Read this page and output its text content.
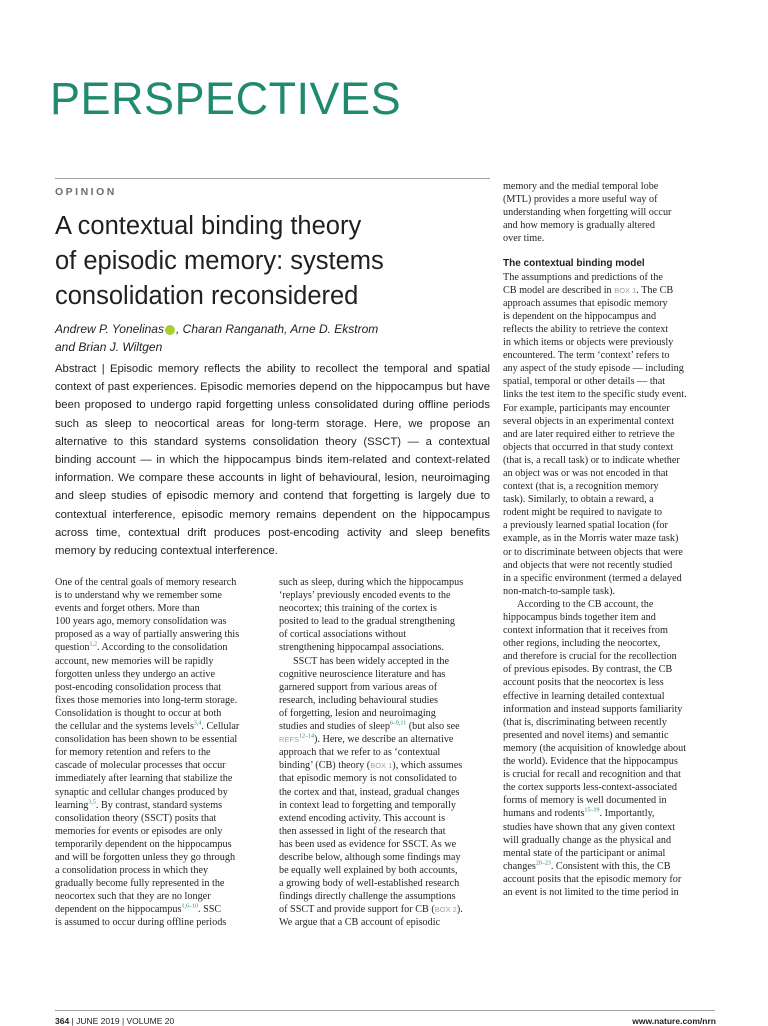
PERSPECTIVES
OPINION
A contextual binding theory
of episodic memory: systems
consolidation reconsidered
Andrew P. Yonelinas , Charan Ranganath, Arne D. Ekstrom
and Brian J. Wiltgen
Abstract | Episodic memory reflects the ability to recollect the temporal and spatial context of past experiences. Episodic memories depend on the hippocampus but have been proposed to undergo rapid forgetting unless consolidated during offline periods such as sleep to neocortical areas for long-term storage. Here, we propose an alternative to this standard systems consolidation theory (SSCT) — a contextual binding account — in which the hippocampus binds item-related and context-related information. We compare these accounts in light of behavioural, lesion, neuroimaging and sleep studies of episodic memory and contend that forgetting is largely due to contextual interference, episodic memory remains dependent on the hippocampus across time, contextual drift produces post-encoding activity and sleep benefits memory by reducing contextual interference.

One of the central goals of memory research

is to understand why we remember some

events and forget others. More than

100 years ago, memory consolidation was

proposed as a way of partially answering this

question$^{1,2}$. According to the consolidation

account, new memories will be rapidly

forgotten unless they undergo an active

post-encoding consolidation process that

fixes those memories into long-term storage.

Consolidation is thought to occur at both

the cellular and the systems levels$^{3,4}$. Cellular

consolidation has been shown to be essential

for memory retention and refers to the

cascade of molecular processes that occur

immediately after learning that stabilize the

synaptic and cellular changes produced by

learning$^{3,5}$. By contrast, standard systems

consolidation theory (SSCT) posits that

memories for events or episodes are only

temporarily dependent on the hippocampus

and will be forgotten unless they go through

a consolidation process in which they

gradually become fully represented in the

neocortex such that they are no longer

dependent on the hippocampus$^{1,6-10}$. SSC

is assumed to occur during offline periods

such as sleep, during which the hippocampus

‘replays’ previously encoded events to the

neocortex; this training of the cortex is

posited to lead to the gradual strengthening

of cortical associations without

strengthening hippocampal associations.

SSCT has been widely accepted in the

cognitive neuroscience literature and has

garnered support from various areas of

research, including behavioural studies

of forgetting, lesion and neuroimaging

studies and studies of sleep$^{6-9,11}$ (but also see

REFS$^{12-14}$). Here, we describe an alternative

approach that we refer to as ‘contextual

binding’ (CB) theory (BOX 1), which assumes

that episodic memory is not consolidated to

the cortex and that, instead, gradual changes

in context lead to forgetting and temporally

extend encoding activity. This account is

then assessed in light of the research that

has been used as evidence for SSCT. As we

describe below, although some findings may

be equally well explained by both accounts,

a growing body of well-established research

findings directly challenge the assumptions

of SSCT and provide support for CB (BOX 2).

We argue that a CB account of episodic

memory and the medial temporal lobe

(MTL) provides a more useful way of

understanding when forgetting will occur

and how memory is gradually altered

over time.

The contextual binding model

The assumptions and predictions of the

CB model are described in BOX 1. The CB

approach assumes that episodic memory

is dependent on the hippocampus and

reflects the ability to retrieve the context

in which items or objects were previously

encountered. The term ‘context’ refers to

any aspect of the study episode — including

spatial, temporal or other details — that

links the test item to the specific study event.

For example, participants may encounter

several objects in an experimental context

and are later required either to retrieve the

objects that occurred in that study context

(that is, a recall task) or to indicate whether

an object was or was not encoded in that

context (that is, a recognition memory

task). Similarly, to obtain a reward, a

rodent might be required to navigate to

a previously learned spatial location (for

example, as in the Morris water maze task)

or to discriminate between objects that were

and objects that were not recently studied

in a specific environment (termed a delayed

non-match-to-sample task).

According to the CB account, the

hippocampus binds together item and

context information that it receives from

other regions, including the neocortex,

and therefore is crucial for the recollection

of previous episodes. By contrast, the CB

account posits that the neocortex is less

effective in learning detailed contextual

information and instead supports familiarity

(that is, discriminating between recently

presented and novel items) and semantic

memory (the acquisition of knowledge about

the world). Evidence that the hippocampus

is crucial for recall and recognition and that

the cortex supports less-context-associated

forms of memory is well documented in

humans and rodents$^{15-19}$. Importantly,

studies have shown that any given context

will gradually change as the physical and

mental state of the participant or animal

changes$^{20-23}$. Consistent with this, the CB

account posits that the episodic memory for

an event is not limited to the time period in

364 | JUNE 2019 | VOLUME 20	www.nature.com/nrn
